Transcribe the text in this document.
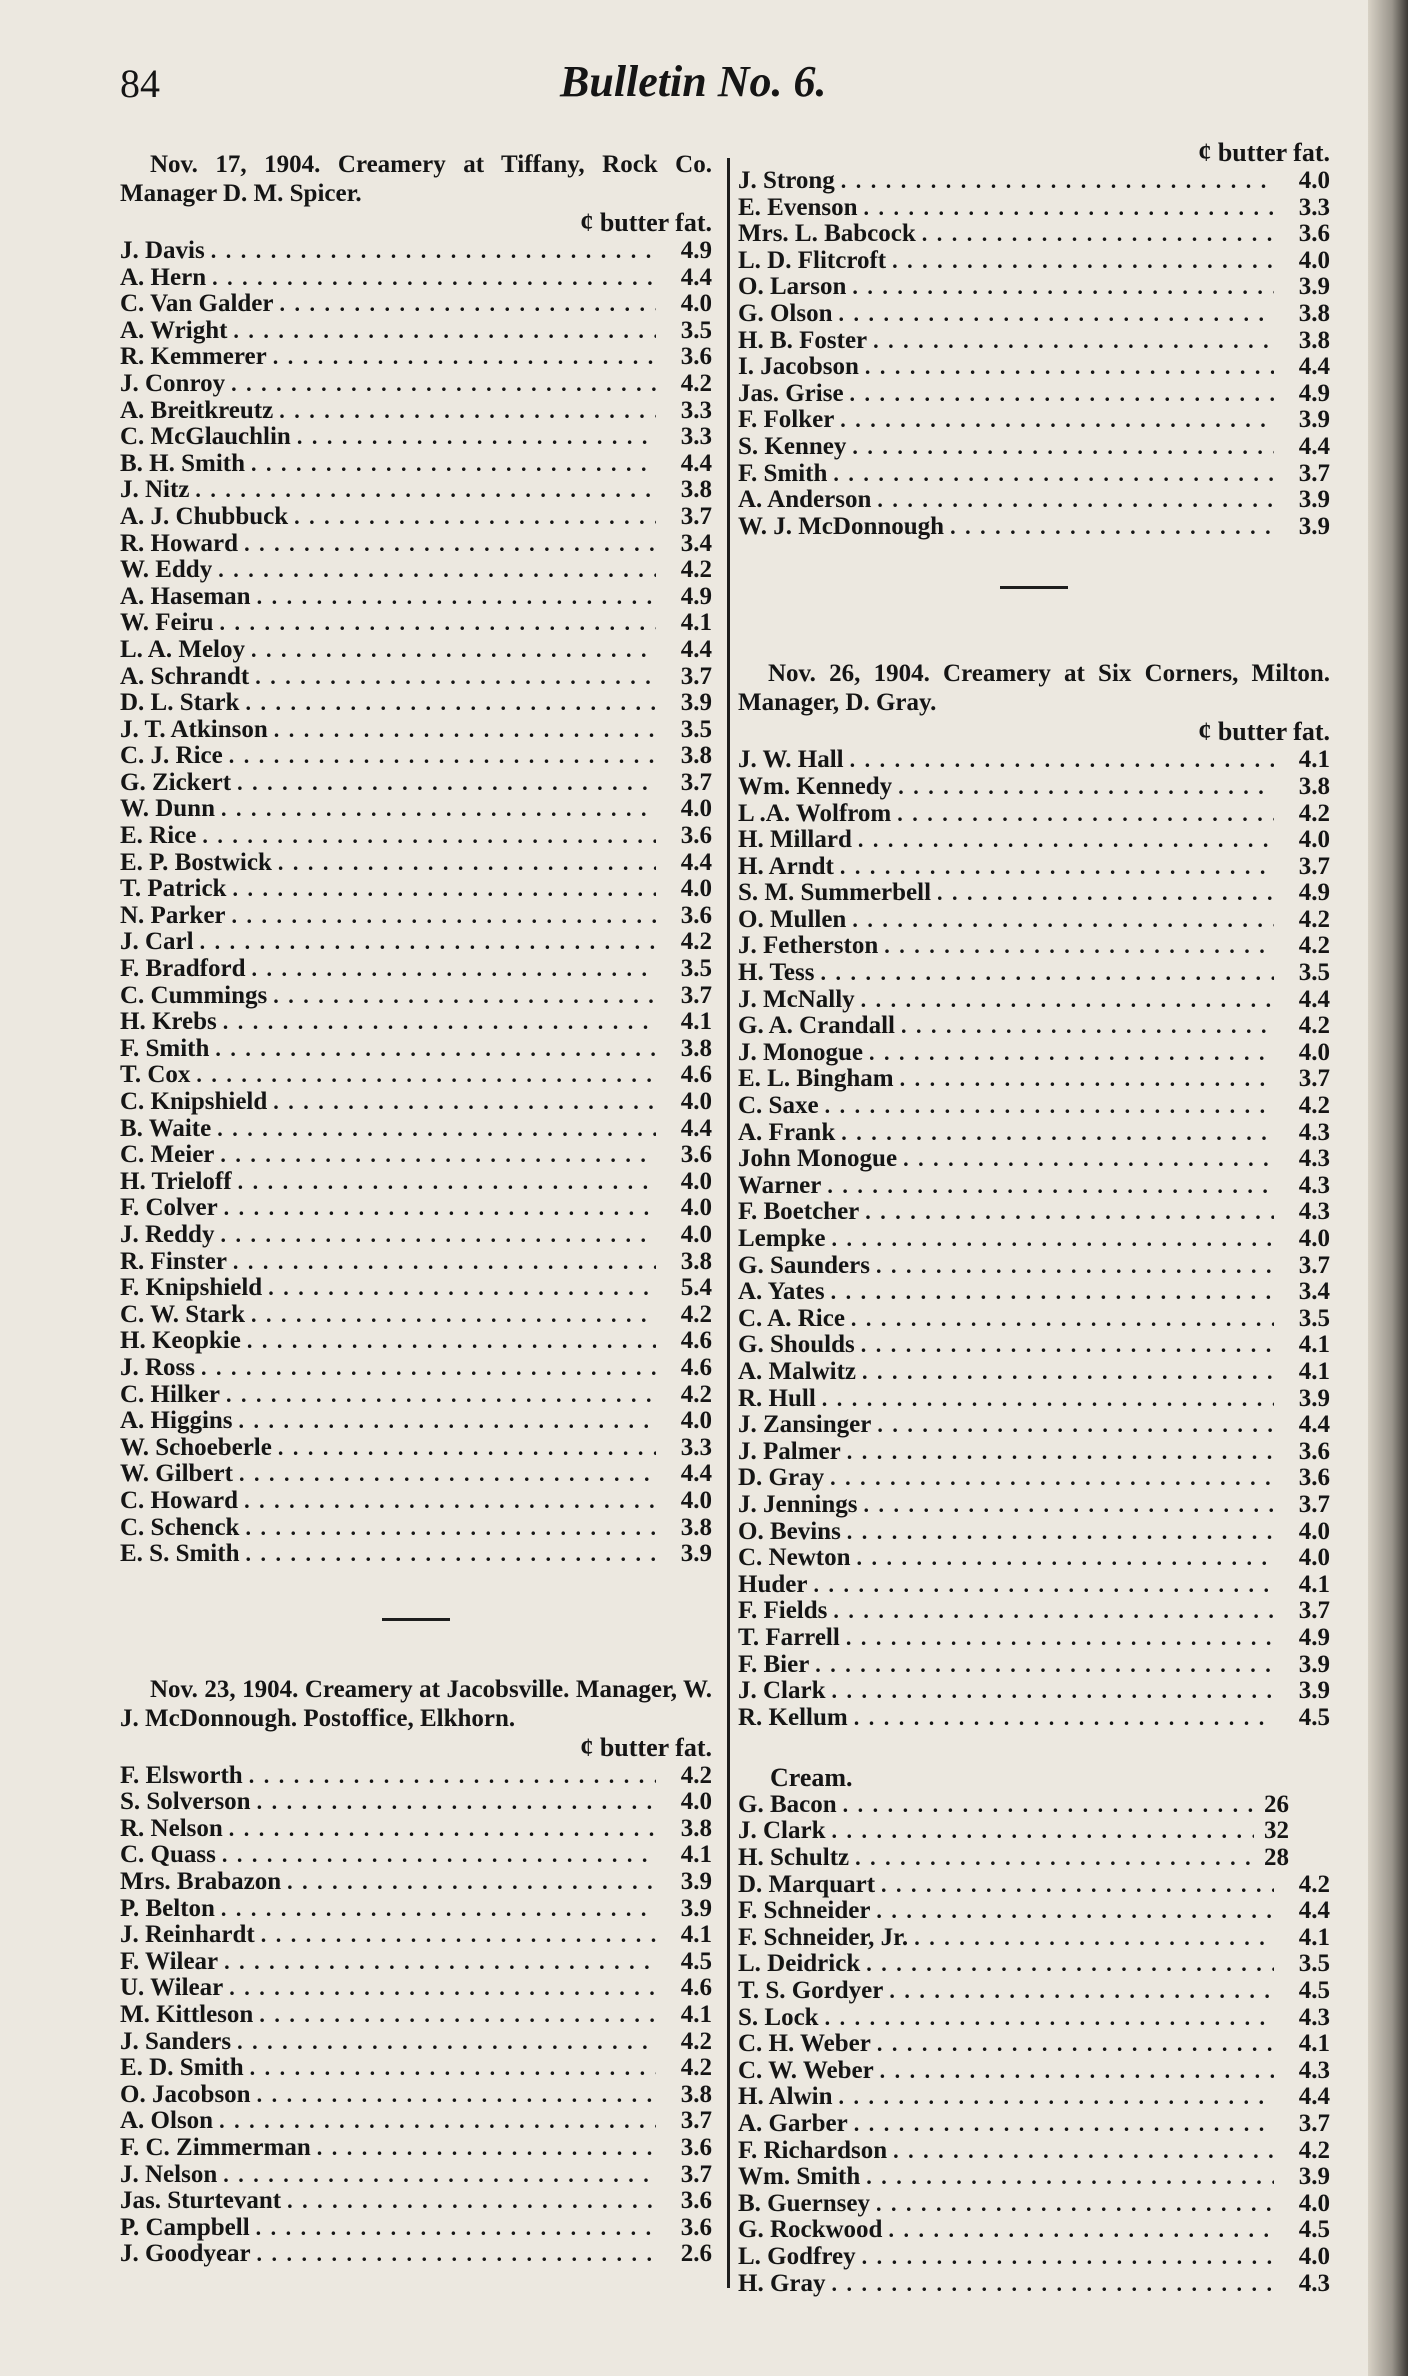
84	Bulletin No. 6.

Nov. 17, 1904. Creamery at Tiffany, Rock Co. Manager D. M. Spicer.

¢ butter fat.
J. Davis . . .	4.9
A. Hern . . .	4.4
C. Van Galder . . .	4.0
A. Wright . . .	3.5
R. Kemmerer . . .	3.6
J. Conroy . . .	4.2
A. Breitkreutz . . .	3.3
C. McGlauchlin . . .	3.3
B. H. Smith . . .	4.4
J. Nitz . . .	3.8
A. J. Chubbuck . . .	3.7
R. Howard . . .	3.4
W. Eddy . . .	4.2
A. Haseman . . .	4.9
W. Feiru . . .	4.1
L. A. Meloy . . .	4.4
A. Schrandt . . .	3.7
D. L. Stark . . .	3.9
J. T. Atkinson . . .	3.5
C. J. Rice . . .	3.8
G. Zickert . . .	3.7
W. Dunn . . .	4.0
E. Rice . . .	3.6
E. P. Bostwick . . .	4.4
T. Patrick . . .	4.0
N. Parker . . .	3.6
J. Carl . . .	4.2
F. Bradford . . .	3.5
C. Cummings . . .	3.7
H. Krebs . . .	4.1
F. Smith . . .	3.8
T. Cox . . .	4.6
C. Knipshield . . .	4.0
B. Waite . . .	4.4
C. Meier . . .	3.6
H. Trieloff . . .	4.0
F. Colver . . .	4.0
J. Reddy . . .	4.0
R. Finster . . .	3.8
F. Knipshield . . .	5.4
C. W. Stark . . .	4.2
H. Keopkie . . .	4.6
J. Ross . . .	4.6
C. Hilker . . .	4.2
A. Higgins . . .	4.0
W. Schoeberle . . .	3.3
W. Gilbert . . .	4.4
C. Howard . . .	4.0
C. Schenck . . .	3.8
E. S. Smith . . .	3.9

Nov. 23, 1904. Creamery at Jacobsville. Manager, W. J. McDonnough. Postoffice, Elkhorn.

¢ butter fat.
F. Elsworth . . .	4.2
S. Solverson . . .	4.0
R. Nelson . . .	3.8
C. Quass . . .	4.1
Mrs. Brabazon . . .	3.9
P. Belton . . .	3.9
J. Reinhardt . . .	4.1
F. Wilear . . .	4.5
U. Wilear . . .	4.6
M. Kittleson . . .	4.1
J. Sanders . . .	4.2
E. D. Smith . . .	4.2
O. Jacobson . . .	3.8
A. Olson . . .	3.7
F. C. Zimmerman . . .	3.6
J. Nelson . . .	3.7
Jas. Sturtevant . . .	3.6
P. Campbell . . .	3.6
J. Goodyear . . .	2.6
¢ butter fat.
J. Strong . . .	4.0
E. Evenson . . .	3.3
Mrs. L. Babcock . . .	3.6
L. D. Flitcroft . . .	4.0
O. Larson . . .	3.9
G. Olson . . .	3.8
H. B. Foster . . .	3.8
I. Jacobson . . .	4.4
Jas. Grise . . .	4.9
F. Folker . . .	3.9
S. Kenney . . .	4.4
F. Smith . . .	3.7
A. Anderson . . .	3.9
W. J. McDonnough . . .	3.9

Nov. 26, 1904. Creamery at Six Corners, Milton. Manager, D. Gray.

¢ butter fat.
J. W. Hall . . .	4.1
Wm. Kennedy . . .	3.8
L .A. Wolfrom . . .	4.2
H. Millard . . .	4.0
H. Arndt . . .	3.7
S. M. Summerbell . . .	4.9
O. Mullen . . .	4.2
J. Fetherston . . .	4.2
H. Tess . . .	3.5
J. McNally . . .	4.4
G. A. Crandall . . .	4.2
J. Monogue . . .	4.0
E. L. Bingham . . .	3.7
C. Saxe . . .	4.2
A. Frank . . .	4.3
John Monogue . . .	4.3
Warner . . .	4.3
F. Boetcher . . .	4.3
Lempke . . .	4.0
G. Saunders . . .	3.7
A. Yates . . .	3.4
C. A. Rice . . .	3.5
G. Shoulds . . .	4.1
A. Malwitz . . .	4.1
R. Hull . . .	3.9
J. Zansinger . . .	4.4
J. Palmer . . .	3.6
D. Gray . . .	3.6
J. Jennings . . .	3.7
O. Bevins . . .	4.0
C. Newton . . .	4.0
Huder . . .	4.1
F. Fields . . .	3.7
T. Farrell . . .	4.9
F. Bier . . .	3.9
J. Clark . . .	3.9
R. Kellum . . .	4.5
Cream.
G. Bacon . . .	26
J. Clark . . .	32
H. Schultz . . .	28
D. Marquart . . .	4.2
F. Schneider . . .	4.4
F. Schneider, Jr. . . .	4.1
L. Deidrick . . .	3.5
T. S. Gordyer . . .	4.5
S. Lock . . .	4.3
C. H. Weber . . .	4.1
C. W. Weber . . .	4.3
H. Alwin . . .	4.4
A. Garber . . .	3.7
F. Richardson . . .	4.2
Wm. Smith . . .	3.9
B. Guernsey . . .	4.0
G. Rockwood . . .	4.5
L. Godfrey . . .	4.0
H. Gray . . .	4.3
